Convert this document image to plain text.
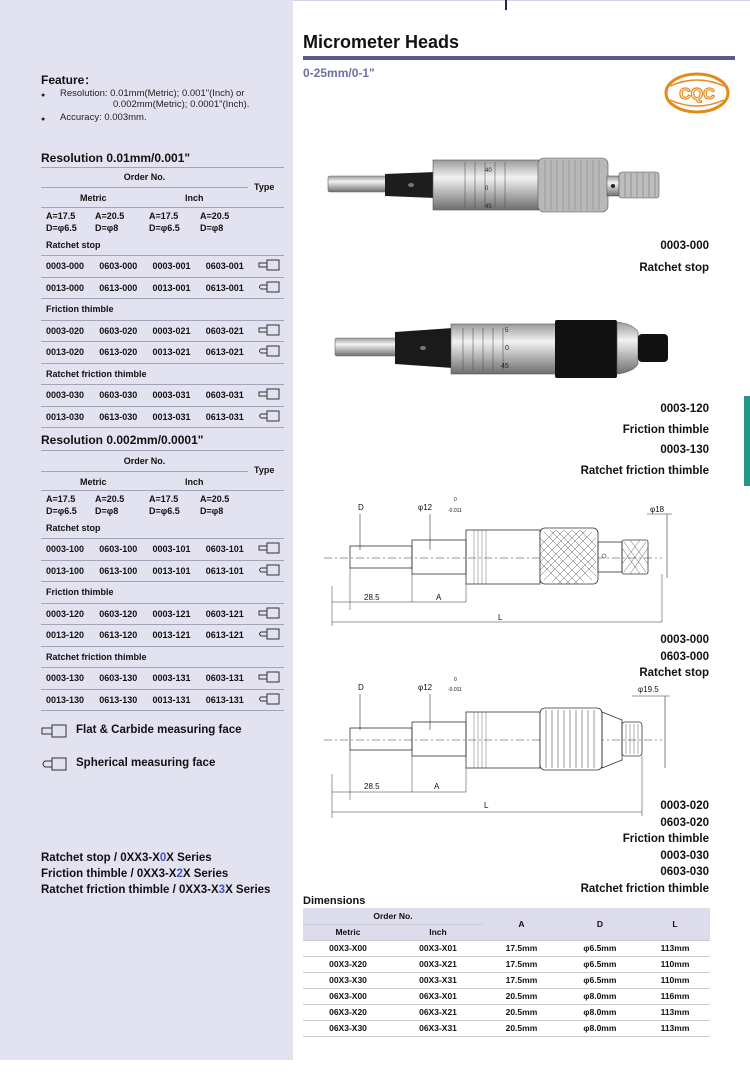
Micrometer Heads
0-25mm/0-1"
CQC
Feature：
● Resolution: 0.01mm(Metric); 0.001"(Inch) or
0.002mm(Metric); 0.0001"(Inch).
● Accuracy: 0.003mm.
Resolution 0.01mm/0.001"
Order No.
Type
Metric	Inch
A=17.5
D=φ6.5
A=20.5
D=φ8
A=17.5
D=φ6.5
A=20.5
D=φ8
Ratchet stop				
0003-000	0603-000	0003-001	0603-001	
0013-000	0613-000	0013-001	0613-001	
Friction thimble				
0003-020	0603-020	0003-021	0603-021	
0013-020	0613-020	0013-021	0613-021	
Ratchet friction thimble				
0003-030	0603-030	0003-031	0603-031	
0013-030	0613-030	0013-031	0613-031	
Resolution 0.002mm/0.0001"
Order No.
Type
Metric	Inch
A=17.5
D=φ6.5
A=20.5
D=φ8
A=17.5
D=φ6.5
A=20.5
D=φ8
Ratchet stop				
0003-100	0603-100	0003-101	0603-101	
0013-100	0613-100	0013-101	0613-101	
Friction thimble				
0003-120	0603-120	0003-121	0603-121	
0013-120	0613-120	0013-121	0613-121	
Ratchet friction thimble				
0003-130	0603-130	0003-131	0603-131	
0013-130	0613-130	0013-131	0613-131	
Flat & Carbide measuring face
Spherical measuring face
Ratchet stop / 0XX3-X0X Series
Friction thimble / 0XX3-X2X Series
Ratchet friction thimble / 0XX3-X3X Series
40
0
45
0003-000
Ratchet stop
5
0
45
0003-120
Friction thimble
0003-130
Ratchet friction thimble
D	φ12
0
-0.011	φ18
28.5	A
L
0003-000
0603-000
Ratchet stop
D	φ12
0
-0.011	φ19.5
28.5	A
L	0003-020
0603-020
Friction thimble
0003-030
0603-030
Ratchet friction thimble
Dimensions
Order No.		A	D	L
Metric	Inch			
00X3-X00	00X3-X01	17.5mm	φ6.5mm	113mm
00X3-X20	00X3-X21	17.5mm	φ6.5mm	110mm
00X3-X30	00X3-X31	17.5mm	φ6.5mm	110mm
06X3-X00	06X3-X01	20.5mm	φ8.0mm	116mm
06X3-X20	06X3-X21	20.5mm	φ8.0mm	113mm
06X3-X30	06X3-X31	20.5mm	φ8.0mm	113mm
